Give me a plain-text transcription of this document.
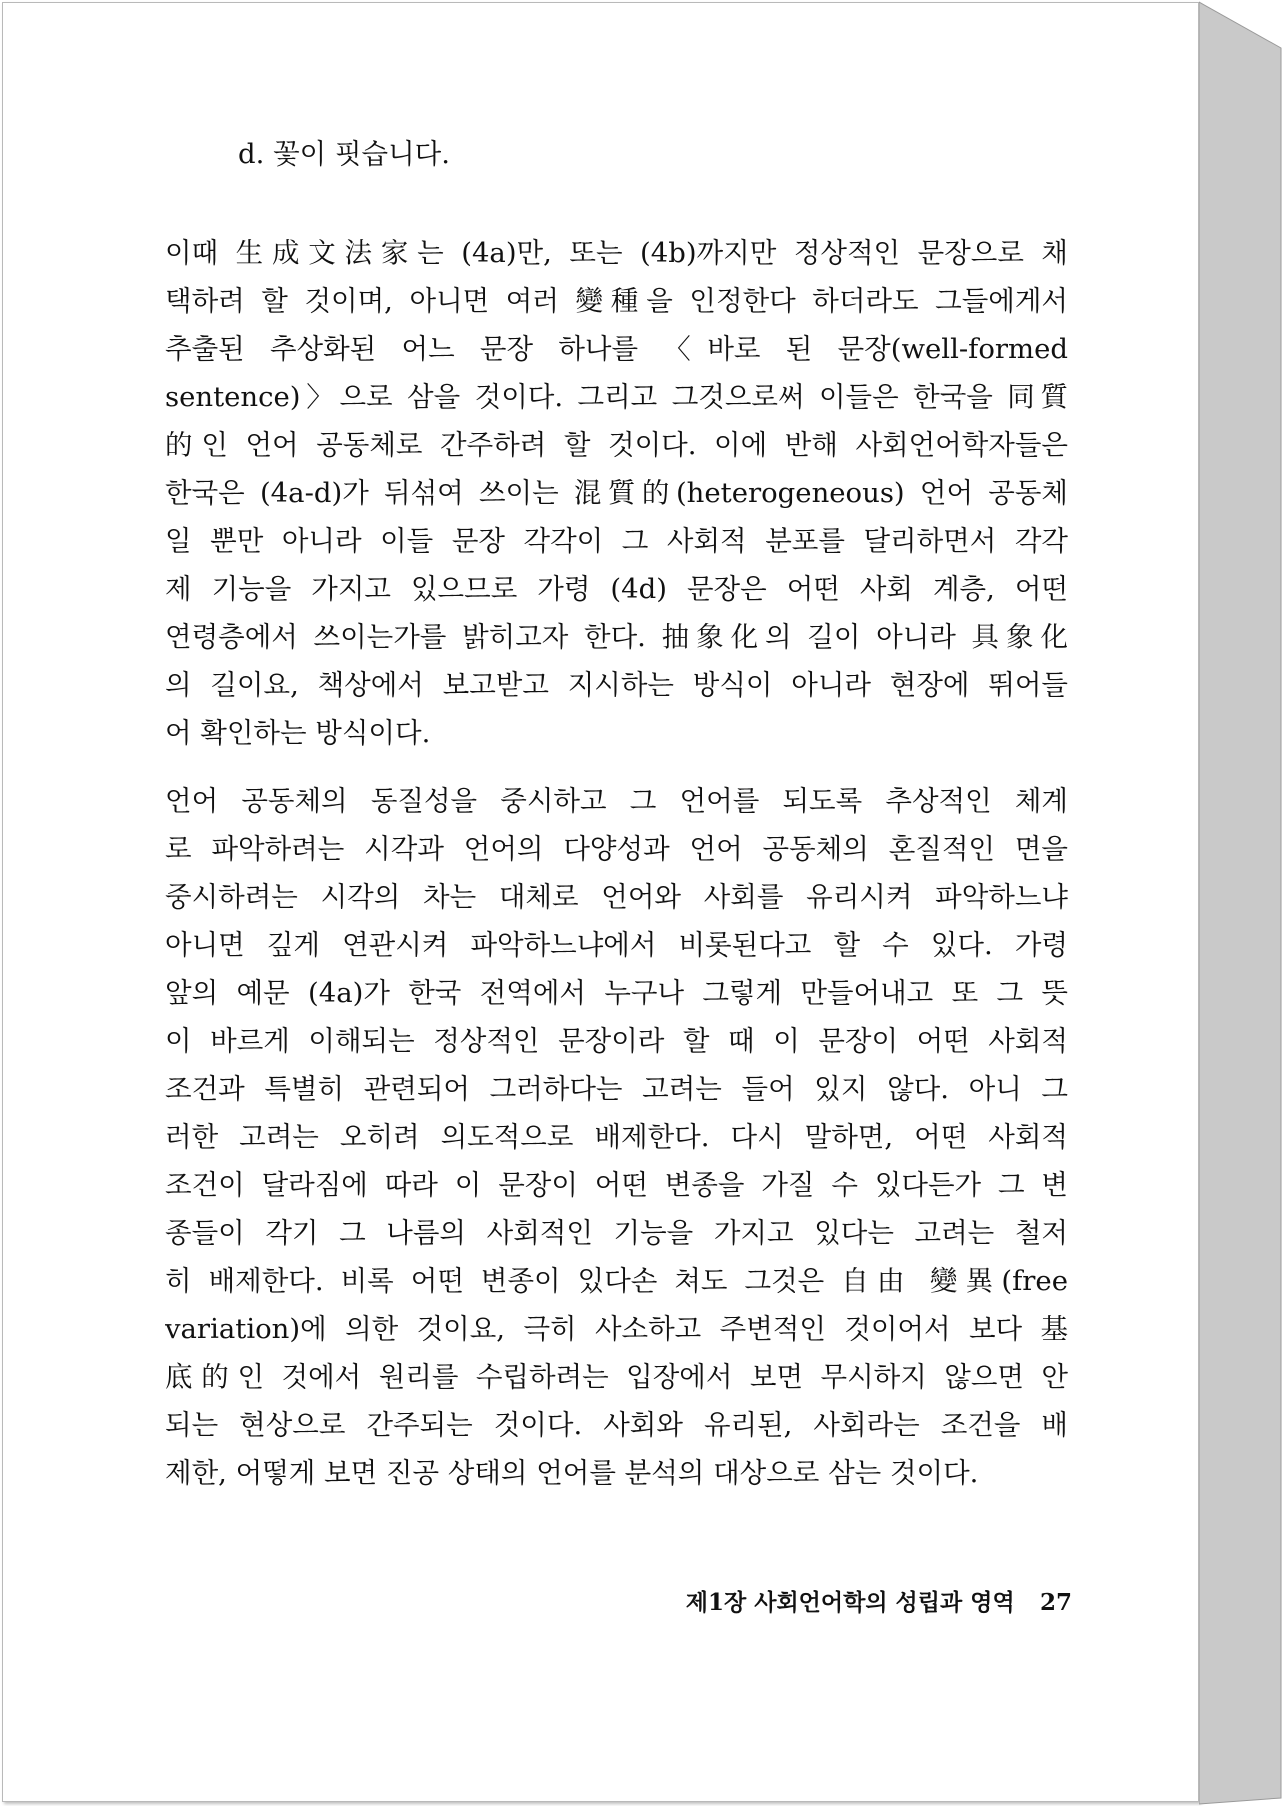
d. 꽃이 핏습니다.
이때 生成文法家는 (4a)만, 또는 (4b)까지만 정상적인 문장으로 채
택하려 할 것이며, 아니면 여러 變種을 인정한다 하더라도 그들에게서
추출된 추상화된 어느 문장 하나를 〈바로 된 문장(well-formed
sentence)〉으로 삼을 것이다. 그리고 그것으로써 이들은 한국을 同質
的인 언어 공동체로 간주하려 할 것이다. 이에 반해 사회언어학자들은
한국은 (4a-d)가 뒤섞여 쓰이는 混質的(heterogeneous) 언어 공동체
일 뿐만 아니라 이들 문장 각각이 그 사회적 분포를 달리하면서 각각
제 기능을 가지고 있으므로 가령 (4d) 문장은 어떤 사회 계층, 어떤
연령층에서 쓰이는가를 밝히고자 한다. 抽象化의 길이 아니라 具象化
의 길이요, 책상에서 보고받고 지시하는 방식이 아니라 현장에 뛰어들
어 확인하는 방식이다.
언어 공동체의 동질성을 중시하고 그 언어를 되도록 추상적인 체계
로 파악하려는 시각과 언어의 다양성과 언어 공동체의 혼질적인 면을
중시하려는 시각의 차는 대체로 언어와 사회를 유리시켜 파악하느냐
아니면 깊게 연관시켜 파악하느냐에서 비롯된다고 할 수 있다. 가령
앞의 예문 (4a)가 한국 전역에서 누구나 그렇게 만들어내고 또 그 뜻
이 바르게 이해되는 정상적인 문장이라 할 때 이 문장이 어떤 사회적
조건과 특별히 관련되어 그러하다는 고려는 들어 있지 않다. 아니 그
러한 고려는 오히려 의도적으로 배제한다. 다시 말하면, 어떤 사회적
조건이 달라짐에 따라 이 문장이 어떤 변종을 가질 수 있다든가 그 변
종들이 각기 그 나름의 사회적인 기능을 가지고 있다는 고려는 철저
히 배제한다. 비록 어떤 변종이 있다손 쳐도 그것은 自由 變異(free
variation)에 의한 것이요, 극히 사소하고 주변적인 것이어서 보다 基
底的인 것에서 원리를 수립하려는 입장에서 보면 무시하지 않으면 안
되는 현상으로 간주되는 것이다. 사회와 유리된, 사회라는 조건을 배
제한, 어떻게 보면 진공 상태의 언어를 분석의 대상으로 삼는 것이다.
제1장 사회언어학의 성립과 영역 27
